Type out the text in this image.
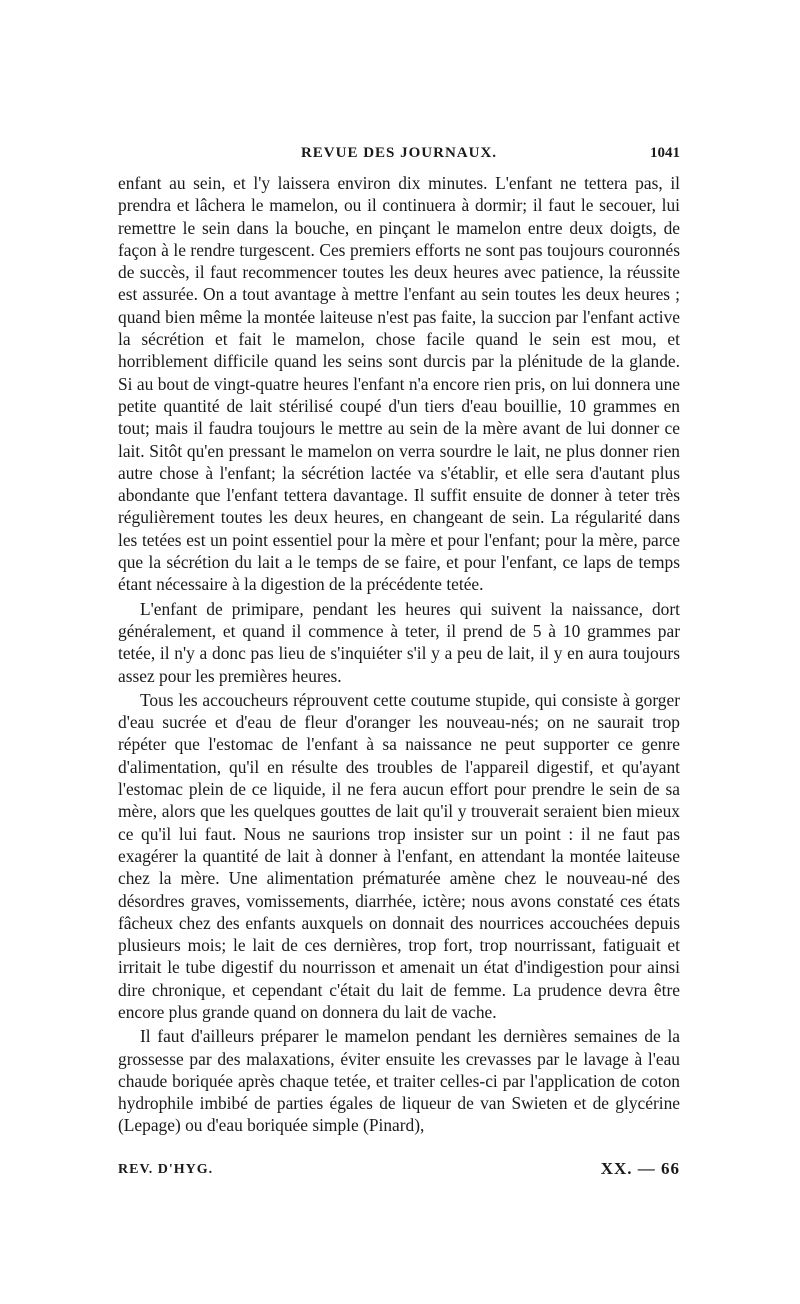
REVUE DES JOURNAUX.	1041

enfant au sein, et l'y laissera environ dix minutes. L'enfant ne tettera pas, il prendra et lâchera le mamelon, ou il continuera à dormir; il faut le secouer, lui remettre le sein dans la bouche, en pinçant le mamelon entre deux doigts, de façon à le rendre turgescent. Ces premiers efforts ne sont pas toujours couronnés de succès, il faut recommencer toutes les deux heures avec patience, la réussite est assurée. On a tout avantage à mettre l'enfant au sein toutes les deux heures ; quand bien même la montée laiteuse n'est pas faite, la succion par l'enfant active la sécrétion et fait le mamelon, chose facile quand le sein est mou, et horriblement difficile quand les seins sont durcis par la plénitude de la glande. Si au bout de vingt-quatre heures l'enfant n'a encore rien pris, on lui donnera une petite quantité de lait stérilisé coupé d'un tiers d'eau bouillie, 10 grammes en tout; mais il faudra toujours le mettre au sein de la mère avant de lui donner ce lait. Sitôt qu'en pressant le mamelon on verra sourdre le lait, ne plus donner rien autre chose à l'enfant; la sécrétion lactée va s'établir, et elle sera d'autant plus abondante que l'enfant tettera davantage. Il suffit ensuite de donner à teter très régulièrement toutes les deux heures, en changeant de sein. La régularité dans les tetées est un point essentiel pour la mère et pour l'enfant; pour la mère, parce que la sécrétion du lait a le temps de se faire, et pour l'enfant, ce laps de temps étant nécessaire à la digestion de la précédente tetée.

L'enfant de primipare, pendant les heures qui suivent la naissance, dort généralement, et quand il commence à teter, il prend de 5 à 10 grammes par tetée, il n'y a donc pas lieu de s'inquiéter s'il y a peu de lait, il y en aura toujours assez pour les premières heures.

Tous les accoucheurs réprouvent cette coutume stupide, qui consiste à gorger d'eau sucrée et d'eau de fleur d'oranger les nouveau-nés; on ne saurait trop répéter que l'estomac de l'enfant à sa naissance ne peut supporter ce genre d'alimentation, qu'il en résulte des troubles de l'appareil digestif, et qu'ayant l'estomac plein de ce liquide, il ne fera aucun effort pour prendre le sein de sa mère, alors que les quelques gouttes de lait qu'il y trouverait seraient bien mieux ce qu'il lui faut. Nous ne saurions trop insister sur un point : il ne faut pas exagérer la quantité de lait à donner à l'enfant, en attendant la montée laiteuse chez la mère. Une alimentation prématurée amène chez le nouveau-né des désordres graves, vomissements, diarrhée, ictère; nous avons constaté ces états fâcheux chez des enfants auxquels on donnait des nourrices accouchées depuis plusieurs mois; le lait de ces dernières, trop fort, trop nourrissant, fatiguait et irritait le tube digestif du nourrisson et amenait un état d'indigestion pour ainsi dire chronique, et cependant c'était du lait de femme. La prudence devra être encore plus grande quand on donnera du lait de vache.

Il faut d'ailleurs préparer le mamelon pendant les dernières semaines de la grossesse par des malaxations, éviter ensuite les crevasses par le lavage à l'eau chaude boriquée après chaque tetée, et traiter celles-ci par l'application de coton hydrophile imbibé de parties égales de liqueur de van Swieten et de glycérine (Lepage) ou d'eau boriquée simple (Pinard),

REV. D'HYG.	XX. — 66
